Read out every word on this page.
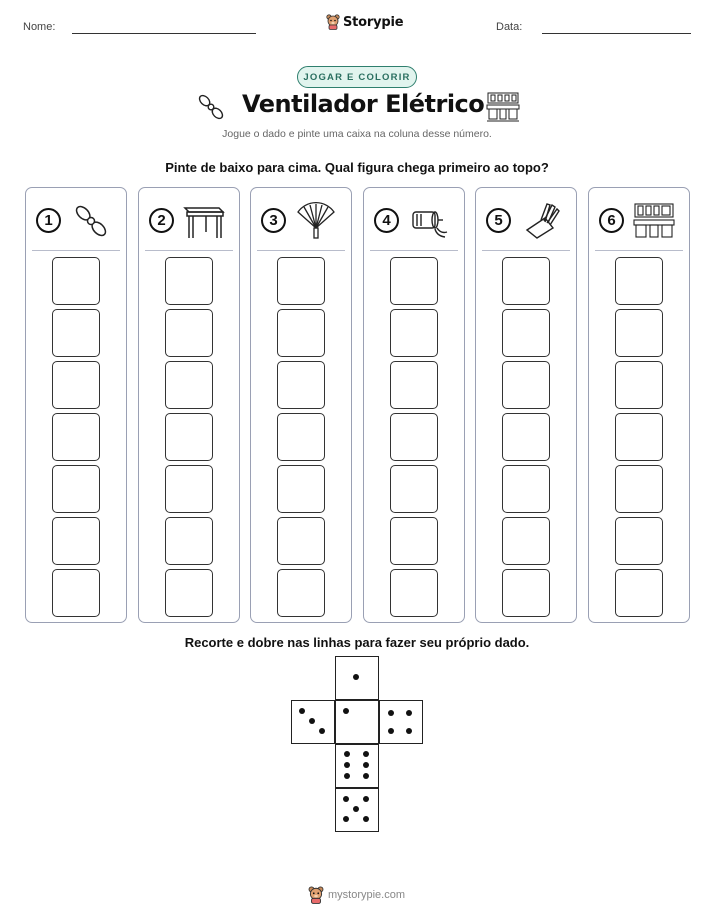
Nome:	Data:
Storypie
JOGAR E COLORIR
Ventilador Elétrico
Jogue o dado e pinte uma caixa na coluna desse número.
Pinte de baixo para cima. Qual figura chega primeiro ao topo?
1	2	3	4	5	6
Recorte e dobre nas linhas para fazer seu próprio dado.
mystorypie.com
